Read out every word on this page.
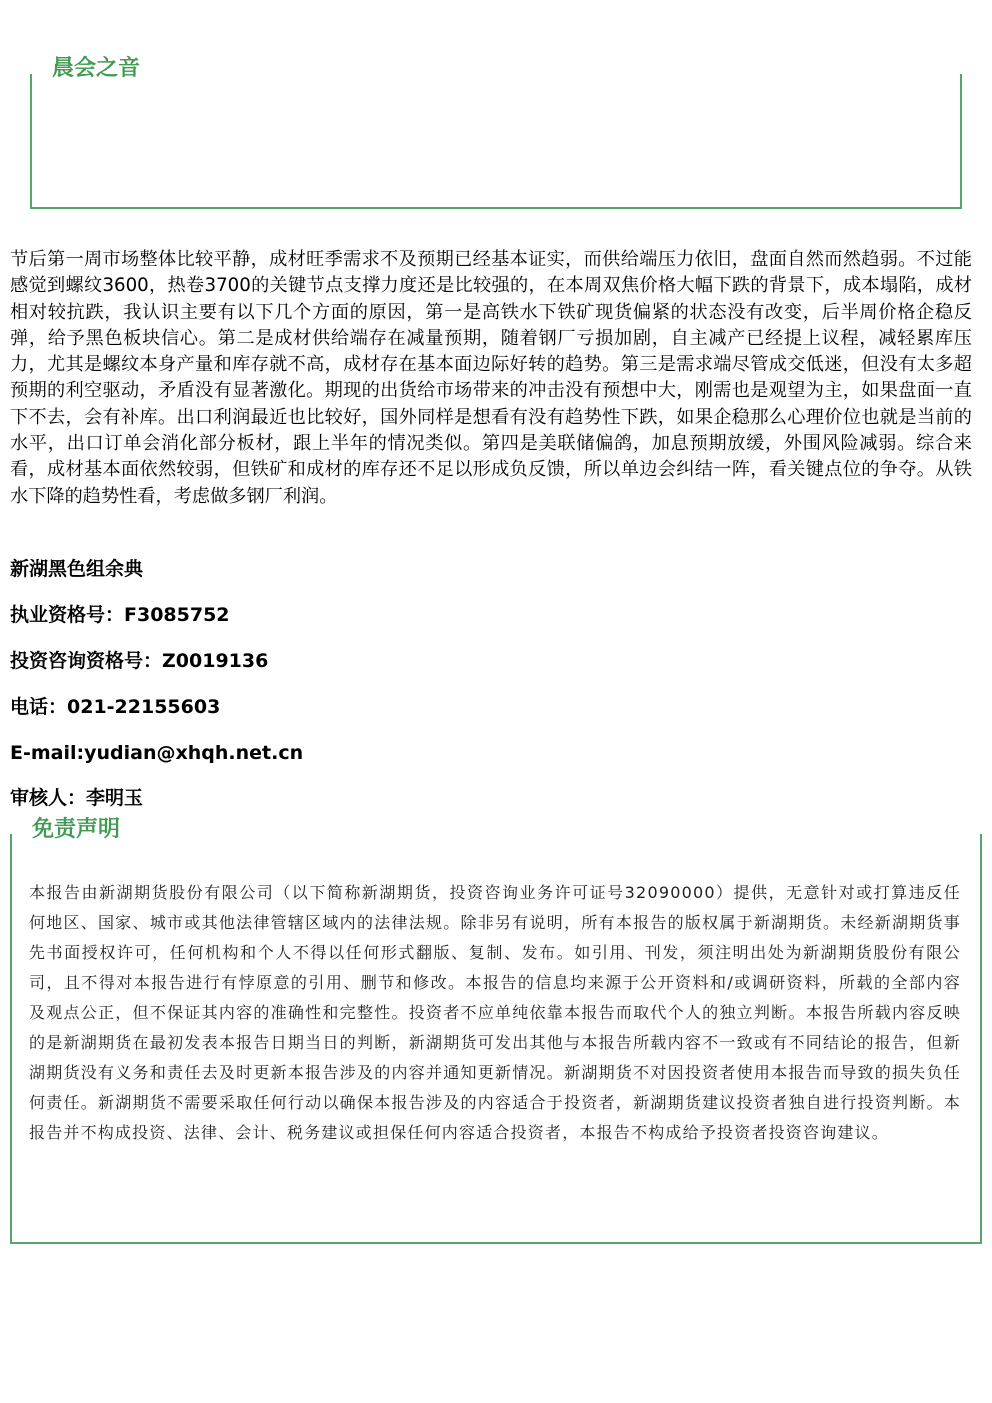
晨会之音

节后第一周市场整体比较平静，成材旺季需求不及预期已经基本证实，而供给端压力依旧，盘面自然而然趋弱。不过能感觉到螺纹3600，热卷3700的关键节点支撑力度还是比较强的，在本周双焦价格大幅下跌的背景下，成本塌陷，成材相对较抗跌，我认识主要有以下几个方面的原因，第一是高铁水下铁矿现货偏紧的状态没有改变，后半周价格企稳反弹，给予黑色板块信心。第二是成材供给端存在减量预期，随着钢厂亏损加剧，自主减产已经提上议程，减轻累库压力，尤其是螺纹本身产量和库存就不高，成材存在基本面边际好转的趋势。第三是需求端尽管成交低迷，但没有太多超预期的利空驱动，矛盾没有显著激化。期现的出货给市场带来的冲击没有预想中大，刚需也是观望为主，如果盘面一直下不去，会有补库。出口利润最近也比较好，国外同样是想看有没有趋势性下跌，如果企稳那么心理价位也就是当前的水平，出口订单会消化部分板材，跟上半年的情况类似。第四是美联储偏鸽，加息预期放缓，外围风险减弱。综合来看，成材基本面依然较弱，但铁矿和成材的库存还不足以形成负反馈，所以单边会纠结一阵，看关键点位的争夺。从铁水下降的趋势性看，考虑做多钢厂利润。

新湖黑色组余典

执业资格号：F3085752

投资咨询资格号：Z0019136

电话：021-22155603

E-mail:yudian@xhqh.net.cn

审核人：李明玉

免责声明

本报告由新湖期货股份有限公司（以下简称新湖期货，投资咨询业务许可证号32090000）提供，无意针对或打算违反任何地区、国家、城市或其他法律管辖区域内的法律法规。除非另有说明，所有本报告的版权属于新湖期货。未经新湖期货事先书面授权许可，任何机构和个人不得以任何形式翻版、复制、发布。如引用、刊发，须注明出处为新湖期货股份有限公司，且不得对本报告进行有悖原意的引用、删节和修改。本报告的信息均来源于公开资料和/或调研资料，所载的全部内容及观点公正，但不保证其内容的准确性和完整性。投资者不应单纯依靠本报告而取代个人的独立判断。本报告所载内容反映的是新湖期货在最初发表本报告日期当日的判断，新湖期货可发出其他与本报告所载内容不一致或有不同结论的报告，但新湖期货没有义务和责任去及时更新本报告涉及的内容并通知更新情况。新湖期货不对因投资者使用本报告而导致的损失负任何责任。新湖期货不需要采取任何行动以确保本报告涉及的内容适合于投资者，新湖期货建议投资者独自进行投资判断。本报告并不构成投资、法律、会计、税务建议或担保任何内容适合投资者，本报告不构成给予投资者投资咨询建议。
